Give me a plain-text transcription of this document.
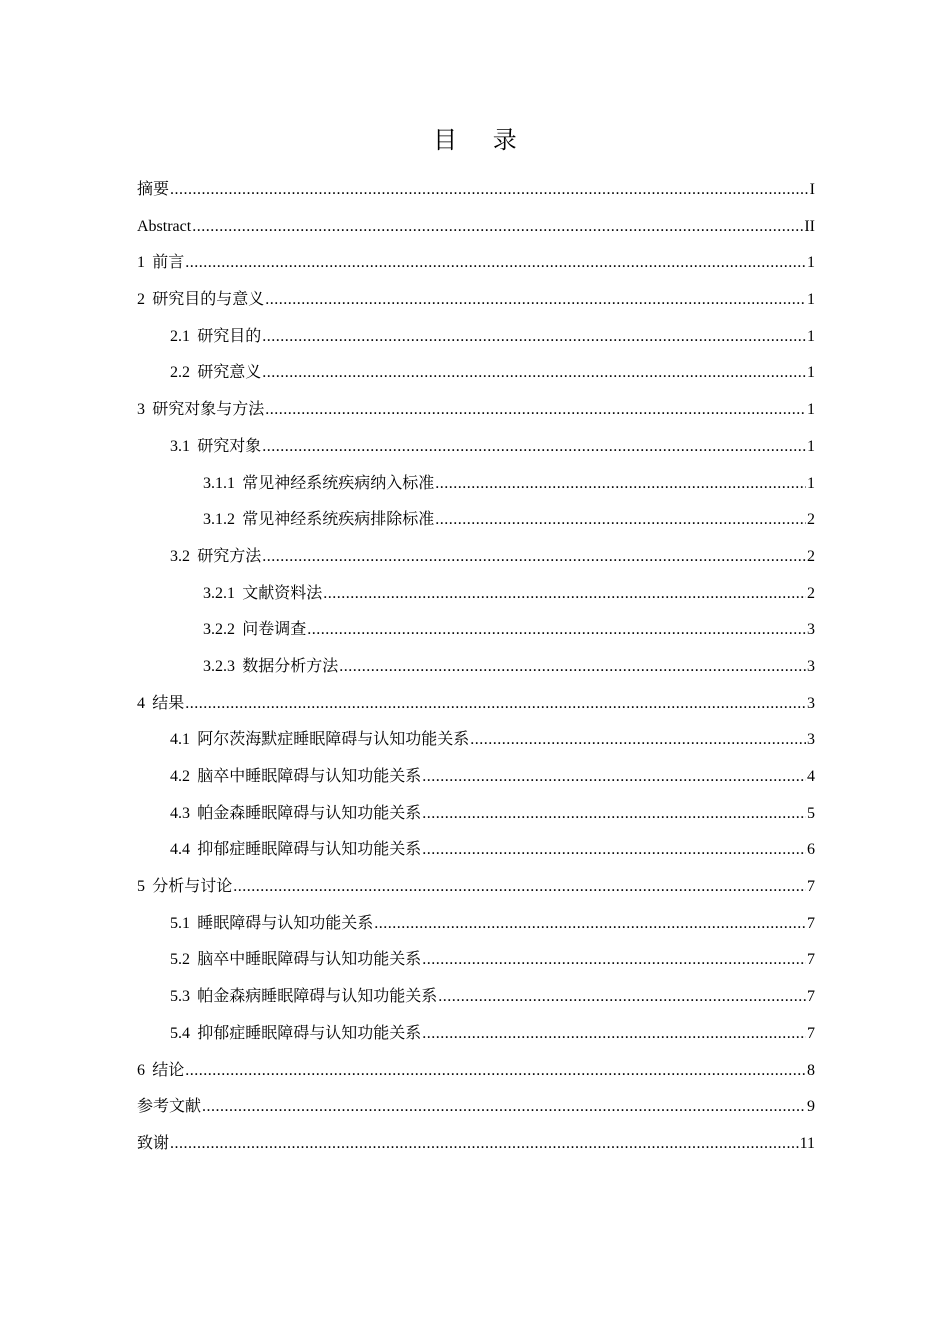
目 录
摘要 .....	I
Abstract .....	II
1 前言 .....	1
2 研究目的与意义 .....	1
2.1 研究目的 .....	1
2.2 研究意义 .....	1
3 研究对象与方法 .....	1
3.1 研究对象 .....	1
3.1.1 常见神经系统疾病纳入标准 .....	1
3.1.2 常见神经系统疾病排除标准 .....	2
3.2 研究方法 .....	2
3.2.1 文献资料法 .....	2
3.2.2 问卷调查 .....	3
3.2.3 数据分析方法 .....	3
4 结果 .....	3
4.1 阿尔茨海默症睡眠障碍与认知功能关系 .....	3
4.2 脑卒中睡眠障碍与认知功能关系 .....	4
4.3 帕金森睡眠障碍与认知功能关系 .....	5
4.4 抑郁症睡眠障碍与认知功能关系 .....	6
5 分析与讨论 .....	7
5.1 睡眠障碍与认知功能关系 .....	7
5.2 脑卒中睡眠障碍与认知功能关系 .....	7
5.3 帕金森病睡眠障碍与认知功能关系 .....	7
5.4 抑郁症睡眠障碍与认知功能关系 .....	7
6 结论 .....	8
参考文献 .....	9
致谢 .....	11
